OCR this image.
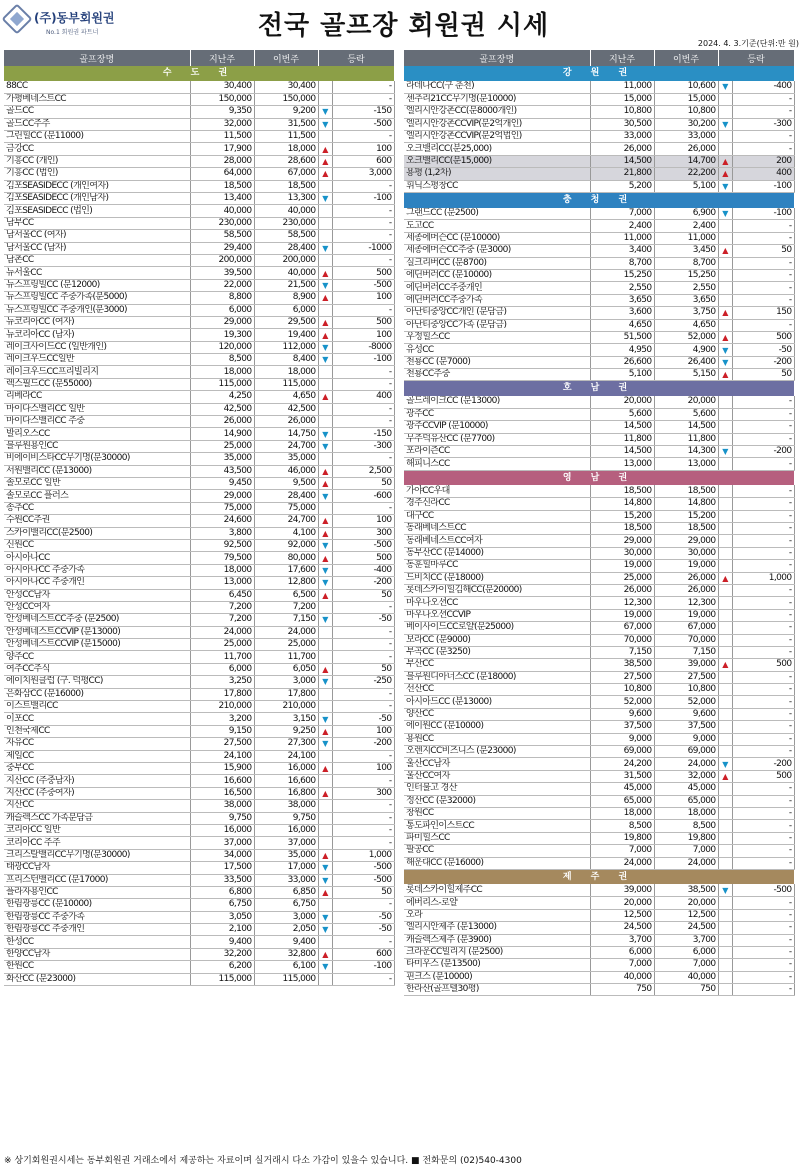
(주)동부회원권
No.1 회원권 파트너	전국 골프장 회원권 시세
2024. 4. 3.기준(단위:만 원)
골프장명	지난주	이번주	등락	
수 도 권				
88CC	30,400	30,400		-
가평베네스트CC	150,000	150,000		-
골드CC	9,350	9,200	▼	-150
골드CC주주	32,000	31,500	▼	-500
그린힐CC (분11000)	11,500	11,500		-
금강CC	17,900	18,000	▲	100
기흥CC (개인)	28,000	28,600	▲	600
기흥CC (법인)	64,000	67,000	▲	3,000
김포SEASIDECC (개인여자)	18,500	18,500		-
김포SEASIDECC (개인남자)	13,400	13,300	▼	-100
김포SEASIDECC (법인)	40,000	40,000		-
남부CC	230,000	230,000		-
남서울CC (여자)	58,500	58,500		-
남서울CC (남자)	29,400	28,400	▼	-1000
남촌CC	200,000	200,000		-
뉴서울CC	39,500	40,000	▲	500
뉴스프링빌CC (분12000)	22,000	21,500	▼	-500
뉴스프링빌CC 주중가족(분5000)	8,800	8,900	▲	100
뉴스프링빌CC 주중개인(분3000)	6,000	6,000		-
뉴코리아CC (여자)	29,000	29,500	▲	500
뉴코리아CC (남자)	19,300	19,400	▲	100
레이크사이드CC (일반개인)	120,000	112,000	▼	-8000
레이크우드CC일반	8,500	8,400	▼	-100
레이크우드CC프리빌리지	18,000	18,000		-
렉스필드CC (분55000)	115,000	115,000		-
리베라CC	4,250	4,650	▲	400
마이다스밸리CC 일반	42,500	42,500		-
마이다스밸리CC 주중	26,000	26,000		-
발리오스CC	14,900	14,750	▼	-150
블루원용인CC	25,000	24,700	▼	-300
비에이비스타CC무기명(분30000)	35,000	35,000		-
서원밸리CC (분13000)	43,500	46,000	▲	2,500
솔모로CC 일반	9,450	9,500	▲	50
솔모로CC 플러스	29,000	28,400	▼	-600
송추CC	75,000	75,000		-
수원CC주권	24,600	24,700	▲	100
스카이밸리CC(분2500)	3,800	4,100	▲	300
신원CC	92,500	92,000	▼	-500
아시아나CC	79,500	80,000	▲	500
아시아나CC 주중가족	18,000	17,600	▼	-400
아시아나CC 주중개인	13,000	12,800	▼	-200
안성CC남자	6,450	6,500	▲	50
안성CC여자	7,200	7,200		-
안성베네스트CC주중 (분2500)	7,200	7,150	▼	-50
안성베네스트CCVIP (분13000)	24,000	24,000		-
안성베네스트CCVIP (분15000)	25,000	25,000		-
양주CC	11,700	11,700		-
여주CC주식	6,000	6,050	▲	50
에이치원클럽 (구. 덕평CC)	3,250	3,000	▼	-250
은화삼CC (분16000)	17,800	17,800		-
이스트밸리CC	210,000	210,000		-
이포CC	3,200	3,150	▼	-50
인천국제CC	9,150	9,250	▲	100
자유CC	27,500	27,300	▼	-200
제일CC	24,100	24,100		-
중부CC	15,900	16,000	▲	100
지산CC (주중남자)	16,600	16,600		-
지산CC (주중여자)	16,500	16,800	▲	300
지산CC	38,000	38,000		-
캐슬렉스CC 가족분담금	9,750	9,750		-
코리아CC 일반	16,000	16,000		-
코리아CC 주주	37,000	37,000		-
크리스탈밸리CC무기명(분30000)	34,000	35,000	▲	1,000
태광CC남자	17,500	17,000	▼	-500
프리스턴밸리CC (분17000)	33,500	33,000	▼	-500
플라자용인CC	6,800	6,850	▲	50
한림광릉CC (분10000)	6,750	6,750		-
한림광릉CC 주중가족	3,050	3,000	▼	-50
한림광릉CC 주중개인	2,100	2,050	▼	-50
한성CC	9,400	9,400		-
한양CC남자	32,200	32,800	▲	600
한원CC	6,200	6,100	▼	-100
화산CC (분23000)	115,000	115,000		-
골프장명	지난주	이번주	등락	
강 원 권				
라데나CC(구 춘천)	11,000	10,600	▼	-400
센추리21CC무기명(분10000)	15,000	15,000		-
엘리시안강촌CC(분8000개인)	10,800	10,800		-
엘리시안강촌CCVIP(분2억개인)	30,500	30,200	▼	-300
엘리시안강촌CCVIP(분2억법인)	33,000	33,000		-
오크밸리CC(분25,000)	26,000	26,000		-
오크밸리CC(분15,000)	14,500	14,700	▲	200
용평 (1,2차)	21,800	22,200	▲	400
휘닉스평창CC	5,200	5,100	▼	-100
충 청 권				
그랜드CC (분2500)	7,000	6,900	▼	-100
도고CC	2,400	2,400		-
세종에머슨CC (분10000)	11,000	11,000		-
세종에머슨CC주중 (분3000)	3,400	3,450	▲	50
실크리버CC (분8700)	8,700	8,700		-
에딘버러CC (분10000)	15,250	15,250		-
에딘버러CC주중개인	2,550	2,550		-
에딘버러CC주중가족	3,650	3,650		-
아난티중앙CC개인 (분담금)	3,600	3,750	▲	150
아난티중앙CC가족 (분담금)	4,650	4,650		-
우정힐스CC	51,500	52,000	▲	500
유성CC	4,950	4,900	▼	-50
천룡CC (분7000)	26,600	26,400	▼	-200
천룡CC주중	5,100	5,150	▲	50
호 남 권				
골드레이크CC (분13000)	20,000	20,000		-
광주CC	5,600	5,600		-
광주CCVIP (분10000)	14,500	14,500		-
무주덕유산CC (분7700)	11,800	11,800		-
포라이즌CC	14,500	14,300	▼	-200
해피니스CC	13,000	13,000		-
영 남 권				
가야CC우대	18,500	18,500		-
경주신라CC	14,800	14,800		-
대구CC	15,200	15,200		-
동래베네스트CC	18,500	18,500		-
동래베네스트CC여자	29,000	29,000		-
동부산CC (분14000)	30,000	30,000		-
동훈힐마루CC	19,000	19,000		-
드비치CC (분18000)	25,000	26,000	▲	1,000
롯데스카이힐김해CC(분20000)	26,000	26,000		-
마우나오션CC	12,300	12,300		-
마우나오션CCVIP	19,000	19,000		-
베이사이드CC로얄(분25000)	67,000	67,000		-
보라CC (분9000)	70,000	70,000		-
부곡CC (분3250)	7,150	7,150		-
부산CC	38,500	39,000	▲	500
블루원디아너스CC (분18000)	27,500	27,500		-
선산CC	10,800	10,800		-
아시아드CC (분13000)	52,000	52,000		-
양산CC	9,600	9,600		-
에이원CC (분10000)	37,500	37,500		-
용원CC	9,000	9,000		-
오렌지CC비즈니스 (분23000)	69,000	69,000		-
울산CC남자	24,200	24,000	▼	-200
울산CC여자	31,500	32,000	▲	500
인터불고 경산	45,000	45,000		-
정산CC (분32000)	65,000	65,000		-
창원CC	18,000	18,000		-
통도파인이스트CC	8,500	8,500		-
파미힐스CC	19,800	19,800		-
팔공CC	7,000	7,000		-
해운대CC (분16000)	24,000	24,000		-
제 주 권				
롯데스카이힐제주CC	39,000	38,500	▼	-500
에버리스-로얄	20,000	20,000		-
오라	12,500	12,500		-
엘리시안제주 (분13000)	24,500	24,500		-
캐슬렉스제주 (분3900)	3,700	3,700		-
크라운CC빌리지 (분2500)	6,000	6,000		-
타미우스 (분13500)	7,000	7,000		-
핀크스 (분10000)	40,000	40,000		-
한라산(골프텔30평)	750	750		-
※ 상기회원권시세는 동부회원권 거래소에서 제공하는 자료이며 실거래시 다소 가감이 있을수 있습니다. ■ 전화문의 (02)540-4300
